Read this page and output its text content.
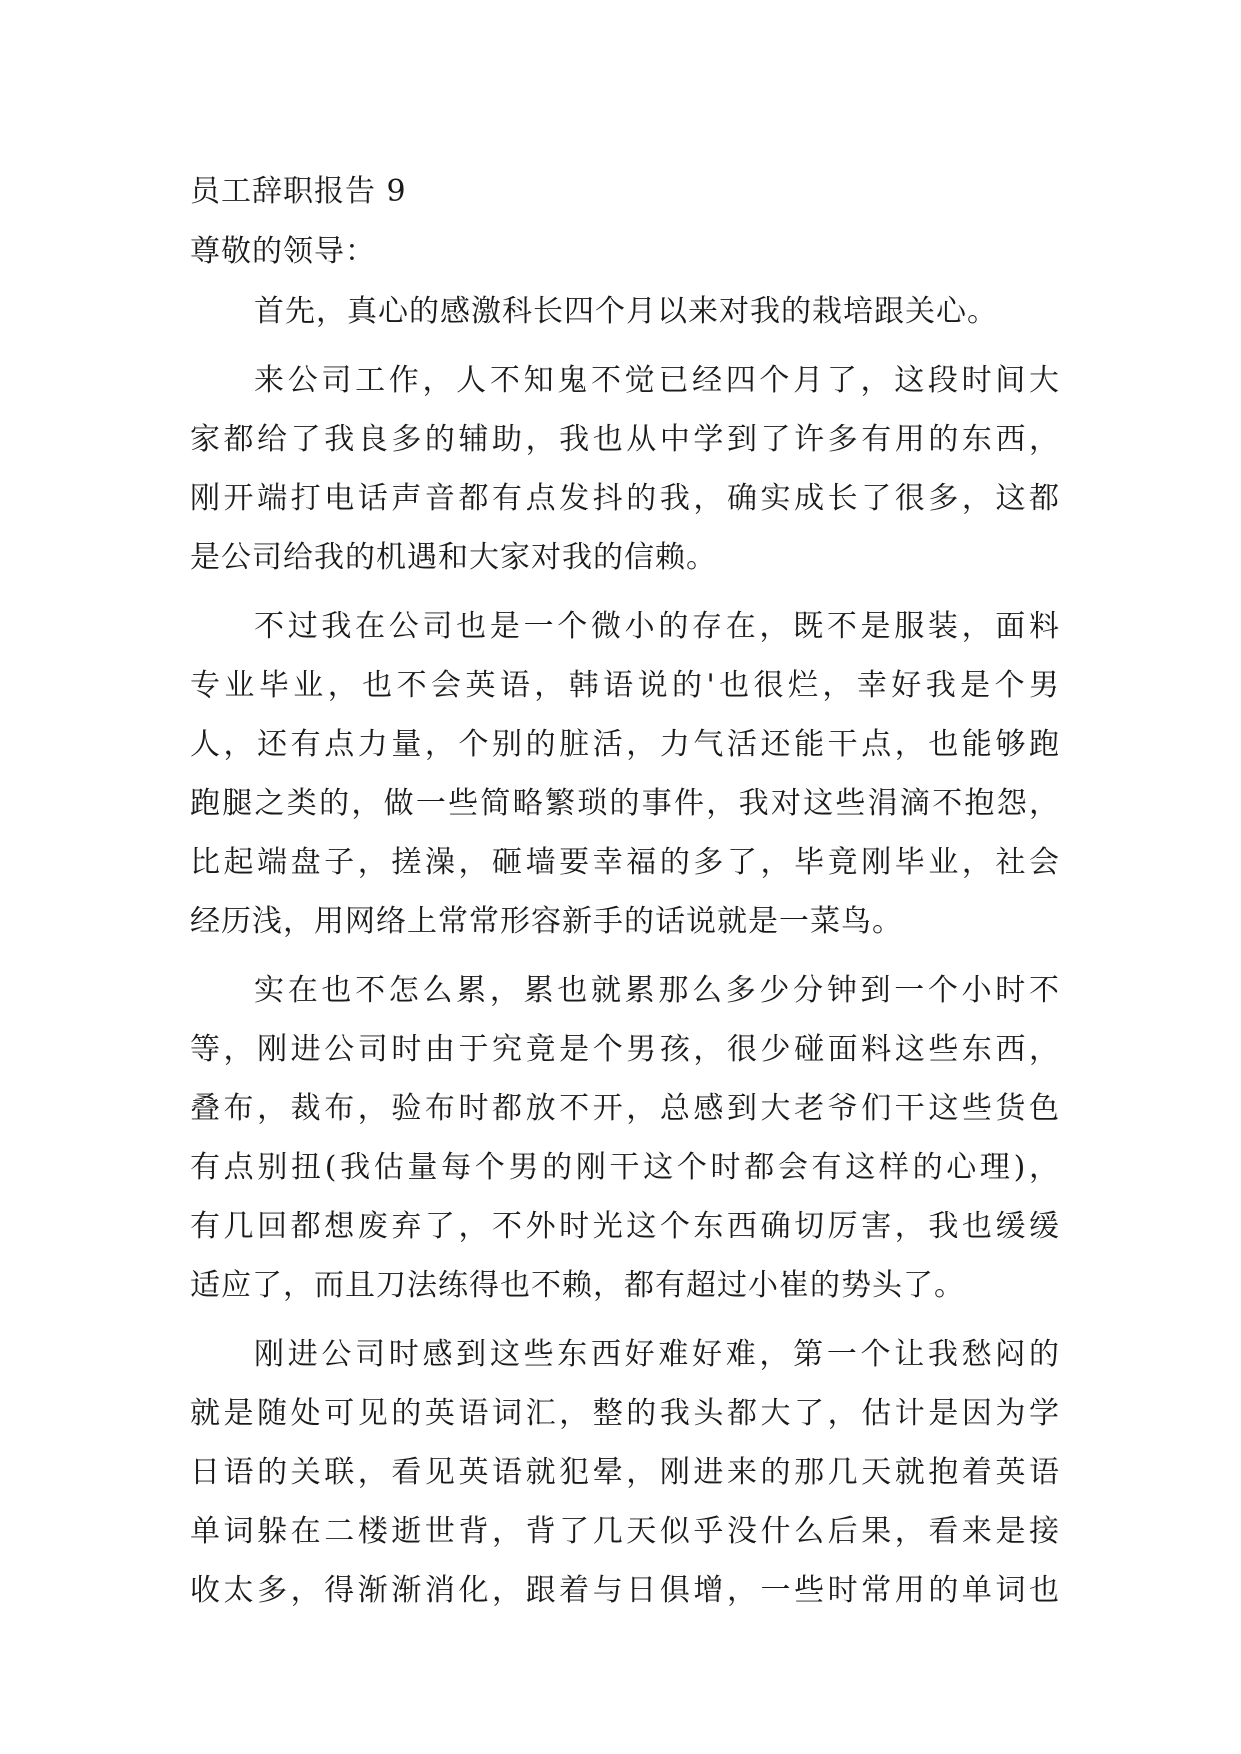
员工辞职报告 9
尊敬的领导：
首先，真心的感激科长四个月以来对我的栽培跟关心。
来公司工作，人不知鬼不觉已经四个月了，这段时间大
家都给了我良多的辅助，我也从中学到了许多有用的东西，
刚开端打电话声音都有点发抖的我，确实成长了很多，这都
是公司给我的机遇和大家对我的信赖。
不过我在公司也是一个微小的存在，既不是服装，面料
专业毕业，也不会英语，韩语说的'也很烂，幸好我是个男
人，还有点力量，个别的脏活，力气活还能干点，也能够跑
跑腿之类的，做一些简略繁琐的事件，我对这些涓滴不抱怨，
比起端盘子，搓澡，砸墙要幸福的多了，毕竟刚毕业，社会
经历浅，用网络上常常形容新手的话说就是一菜鸟。
实在也不怎么累，累也就累那么多少分钟到一个小时不
等，刚进公司时由于究竟是个男孩，很少碰面料这些东西，
叠布，裁布，验布时都放不开，总感到大老爷们干这些货色
有点别扭(我估量每个男的刚干这个时都会有这样的心理)，
有几回都想废弃了，不外时光这个东西确切厉害，我也缓缓
适应了，而且刀法练得也不赖，都有超过小崔的势头了。
刚进公司时感到这些东西好难好难，第一个让我愁闷的
就是随处可见的英语词汇，整的我头都大了，估计是因为学
日语的关联，看见英语就犯晕，刚进来的那几天就抱着英语
单词躲在二楼逝世背，背了几天似乎没什么后果，看来是接
收太多，得渐渐消化，跟着与日俱增，一些时常用的单词也
